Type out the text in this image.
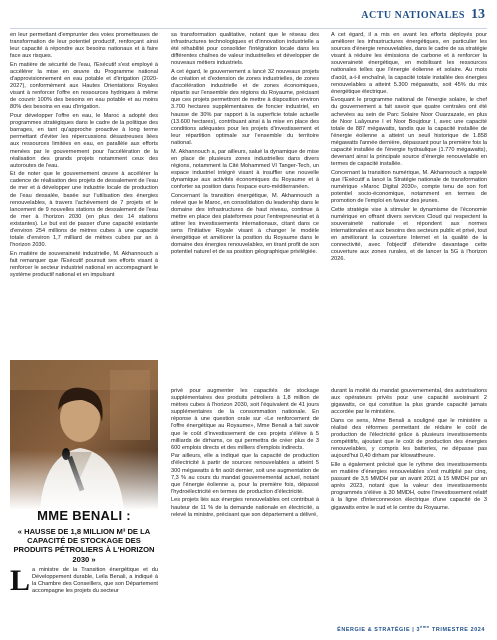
ACTU NATIONALES 13

en leur permettant d'emprunter des voies prometteuses de transformation de leur potentiel productif, renforçant ainsi leur capacité à répondre aux besoins nationaux et à faire face aux risques.

En matière de sécurité de l'eau, l'Exécutif s'est employé à accélérer la mise en œuvre du Programme national d'approvisionnement en eau potable et d'irrigation (2020-2027), conformément aux Hautes Orientations Royales visant à renforcer l'offre en ressources hydriques à même de couvrir 100% des besoins en eau potable et au moins 80% des besoins en eau d'irrigation.

Pour développer l'offre en eau, le Maroc a adopté des programmes stratégiques dans le cadre de la politique des barrages, en tant qu'approche proactive à long terme permettant d'éviter les répercussions désastreuses liées aux ressources limitées en eau, en parallèle aux efforts menées par le gouvernement pour l'accélération de la réalisation des grands projets notamment ceux des autoroutes de l'eau.

Et de noter que le gouvernement œuvre à accélérer la cadence de réalisation des projets de dessalement de l'eau de mer et à développer une industrie locale de production de l'eau dessalée, basée sur l'utilisation des énergies renouvelables, à travers l'achèvement de 7 projets et le lancement de 9 nouvelles stations de dessalement de l'eau de mer à l'horizon 2030 (en plus des 14 stations existantes). Le but est de passer d'une capacité existante d'environ 254 millions de mètres cubes à une capacité totale d'environ 1,7 milliard de mètres cubes par an à l'horizon 2030.

En matière de souveraineté industrielle, M. Akhannouch a fait remarquer que l'Exécutif poursuit ses efforts visant à renforcer le secteur industriel national en accompagnant le système productif national et en impulsant

sa transformation qualitative, notant que le réseau des infrastructures technologiques et d'innovation industrielle a été réhabilité pour consolider l'intégration locale dans les différentes chaînes de valeur industrielles et développer de nouveaux métiers industriels.

A cet égard, le gouvernement a lancé 32 nouveaux projets de création et d'extension de zones industrielles, de zones d'accélération industrielle et de zones économiques, répartis sur l'ensemble des régions du Royaume, précisant que ces projets permettront de mettre à disposition environ 3.700 hectares supplémentaires de foncier industriel, en hausse de 30% par rapport à la superficie totale actuelle (13.600 hectares), contribuant ainsi à la mise en place des conditions adéquates pour les projets d'investissement et leur répartition optimale sur l'ensemble du territoire national.

M. Akhannouch a, par ailleurs, salué la dynamique de mise en place de plusieurs zones industrielles dans divers régions, notamment la Cité Mohammed VI Tanger-Tech, un espace industriel intégré visant à insuffler une nouvelle dynamique aux activités économiques du Royaume et à conforter sa position dans l'espace euro-méditerranéen.

Concernant la transition énergétique, M. Akhannouch a relevé que le Maroc, en consolidation du leadership dans le domaine des infrastructures de haut niveau, continue à mettre en place des plateformes pour l'entrepreneuriat et à attirer les investissements internationaux, citant dans ce sens l'Initiative Royale visant à changer le modèle énergétique et améliorer la position du Royaume dans le domaine des énergies renouvelables, en tirant profit de son potentiel naturel et de sa position géographique privilégiée.

A cet égard, il a mis en avant les efforts déployés pour améliorer les infrastructures énergétiques, en particulier les sources d'énergie renouvelables, dans le cadre de sa stratégie visant à réduire les émissions de carbone et à renforcer la souveraineté énergétique, en mobilisant les ressources nationales telles que l'énergie éolienne et solaire. Au mois d'août, a-t-il enchaîné, la capacité totale installée des énergies renouvelables a atteint 5.300 mégawatts, soit 45% du mix énergétique électrique.

Évoquant le programme national de l'énergie solaire, le chef du gouvernement a fait savoir que quatre centrales ont été achevées au sein de Parc Solaire Noor Ouarzazate, en plus de Noor Laâyoune I et Noor Boujdour I, avec une capacité totale de 887 mégawatts, tandis que la capacité installée de l'énergie éolienne a atteint un seuil historique de 1.858 mégawatts l'année dernière, dépassant pour la première fois la capacité installée de l'énergie hydraulique (1.770 mégawatts), devenant ainsi la principale source d'énergie renouvelable en termes de capacité installée.

Concernant la transition numérique, M. Akhannouch a rappelé que l'Exécutif a lancé la Stratégie nationale de transformation numérique «Maroc Digital 2030», compte tenu de son fort potentiel socio-économique, notamment en termes de promotion de l'emploi en faveur des jeunes.

Cette stratégie vise à stimuler le dynamisme de l'économie numérique en offrant divers services Cloud qui respectent la souveraineté nationale et répondent aux normes internationales et aux besoins des secteurs public et privé, tout en améliorant la couverture Internet et la qualité de la connectivité, avec l'objectif d'étendre davantage cette couverture aux zones rurales, et de lancer la 5G à l'horizon 2026.

MME BENALI :
« HAUSSE DE 1,8 MILLION M³ DE LA CAPACITÉ DE STOCKAGE DES PRODUITS PÉTROLIERS À L'HORIZON 2030 »
L a ministre de la Transition énergétique et du Développement durable, Leila Benali, a indiqué à la Chambre des Conseillers, que son Département accompagne les projets du secteur

privé pour augmenter les capacités de stockage supplémentaires des produits pétroliers à 1,8 million de mètres cubes à l'horizon 2030, soit l'équivalent de 41 jours supplémentaires de la consommation nationale. En réponse à une question orale sur «Le renforcement de l'offre énergétique au Royaume», Mme Benali a fait savoir que le coût d'investissement de ces projets s'élève à 5 milliards de dirhams, ce qui permettra de créer plus de 3 600 emplois directs et des milliers d'emplois indirects.

Par ailleurs, elle a indiqué que la capacité de production d'électricité à partir de sources renouvelables a atteint 5 300 mégawatts à fin août dernier, soit une augmentation de 7,3 % au cours du mandat gouvernemental actuel, notant que l'énergie éolienne a, pour la première fois, dépassé l'hydroélectricité en termes de production d'électricité.

Les projets liés aux énergies renouvelables ont contribué à hauteur de 11 % de la demande nationale en électricité, a relevé la ministre, précisant que son département a délivré,

durant la moitié du mandat gouvernemental, des autorisations aux opérateurs privés pour une capacité avoisinant 2 gigawatts, ce qui constitue la plus grande capacité jamais accordée par le ministère.

Dans ce sens, Mme Benali a souligné que le ministère a réalisé des réformes permettant de réduire le coût de production de l'électricité grâce à plusieurs investissements compétitifs, ajoutant que le coût de production des énergies renouvelables, y compris les batteries, ne dépasse pas aujourd'hui 0,40 dirham par kilowattheure.

Elle a également précisé que le rythme des investissements en matière d'énergies renouvelables s'est multiplié par cinq, passant de 3,5 MMDH par an avant 2021 à 15 MMDH par an après 2023, notant que la valeur des investissements programmés s'élève à 30 MMDH, outre l'investissement relatif à la ligne d'interconnexion électrique d'une capacité de 3 gigawatts entre le sud et le centre du Royaume.

ÉNERGIE & STRATÉGIE | 3ème TRIMESTRE 2024
